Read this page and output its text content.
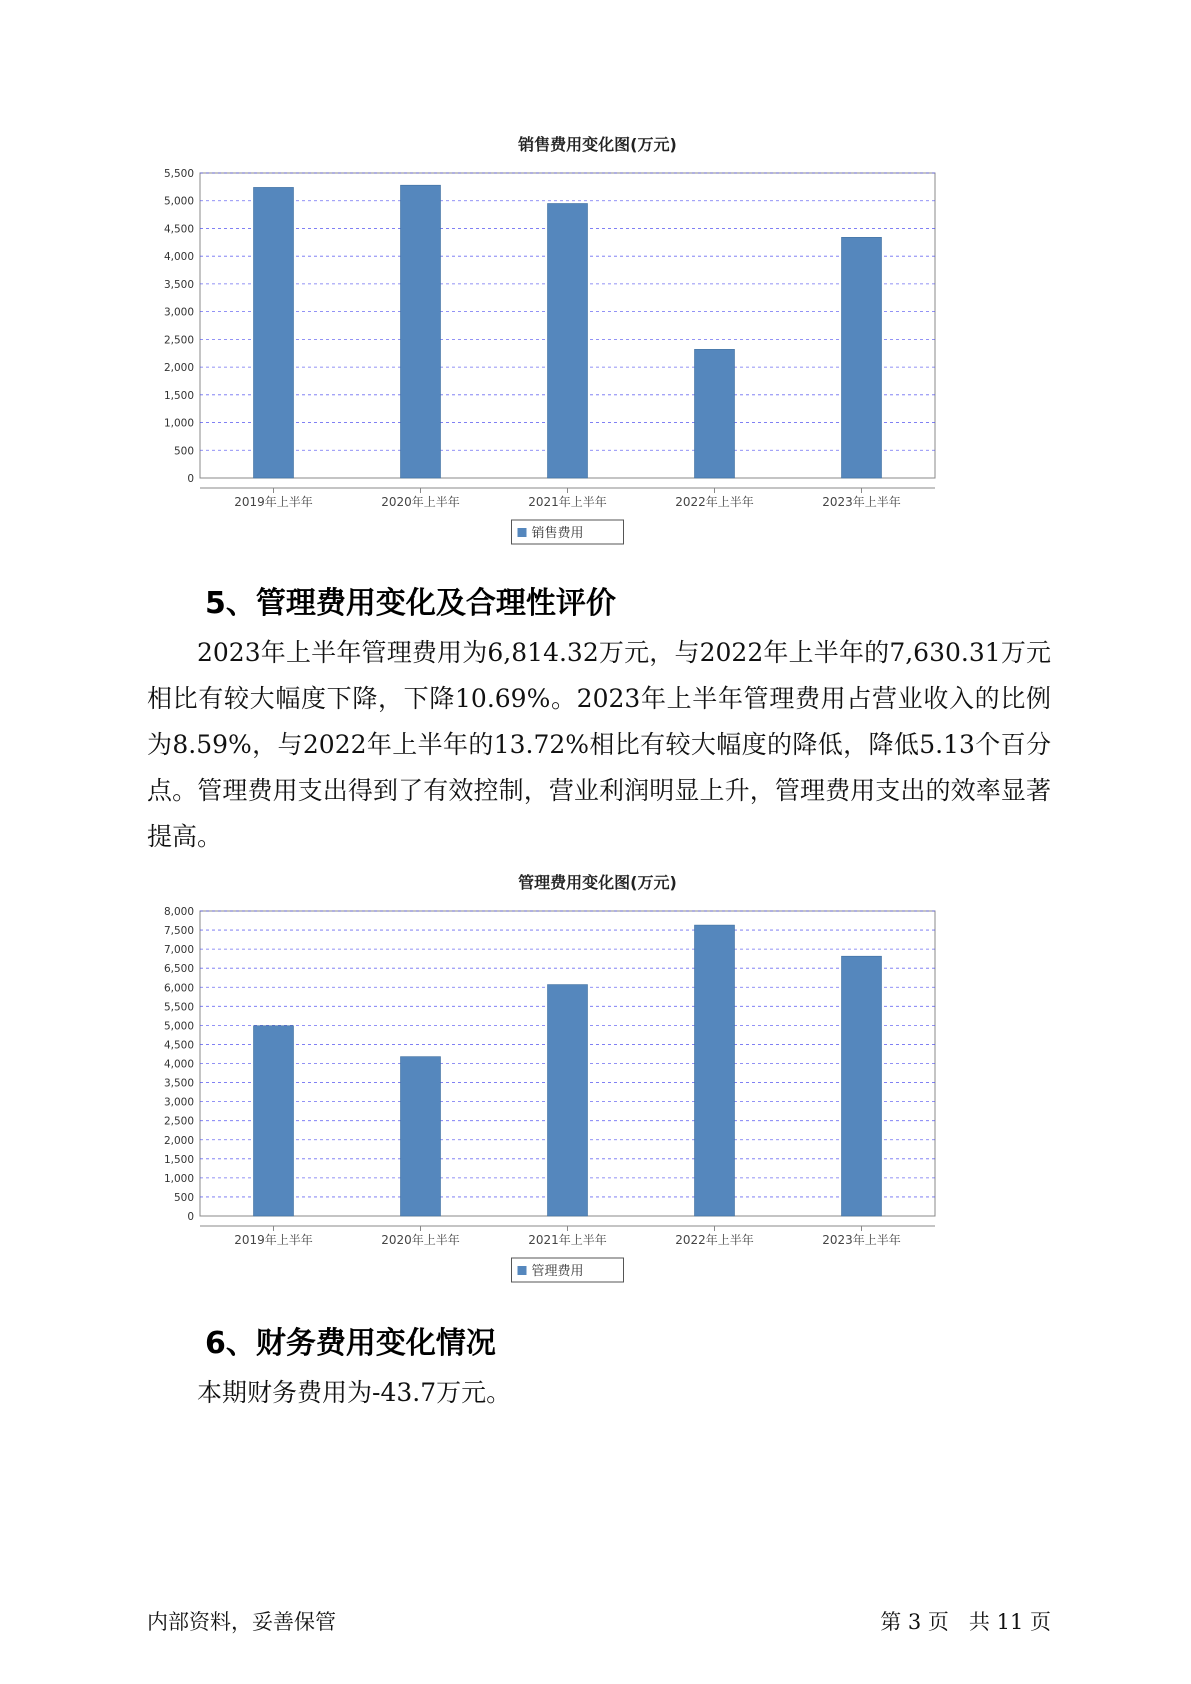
销售费用变化图(万元)
0
500
1,000
1,500
2,000
2,500
3,000
3,500
4,000
4,500
5,000
5,500
2019年上半年	2020年上半年	2021年上半年	2022年上半年	2023年上半年
销售费用
5、管理费用变化及合理性评价

2023年上半年管理费用为6,814.32万元，与2022年上半年的7,630.31万元相比有较大幅度下降，下降10.69%。2023年上半年管理费用占营业收入的比例为8.59%，与2022年上半年的13.72%相比有较大幅度的降低，降低5.13个百分点。管理费用支出得到了有效控制，营业利润明显上升，管理费用支出的效率显著提高。

管理费用变化图(万元)
0
500
1,000
1,500
2,000
2,500
3,000
3,500
4,000
4,500
5,000
5,500
6,000
6,500
7,000
7,500
8,000
2019年上半年	2020年上半年	2021年上半年	2022年上半年	2023年上半年
管理费用
6、财务费用变化情况

本期财务费用为-43.7万元。

内部资料，妥善保管	第 3 页   共 11 页
